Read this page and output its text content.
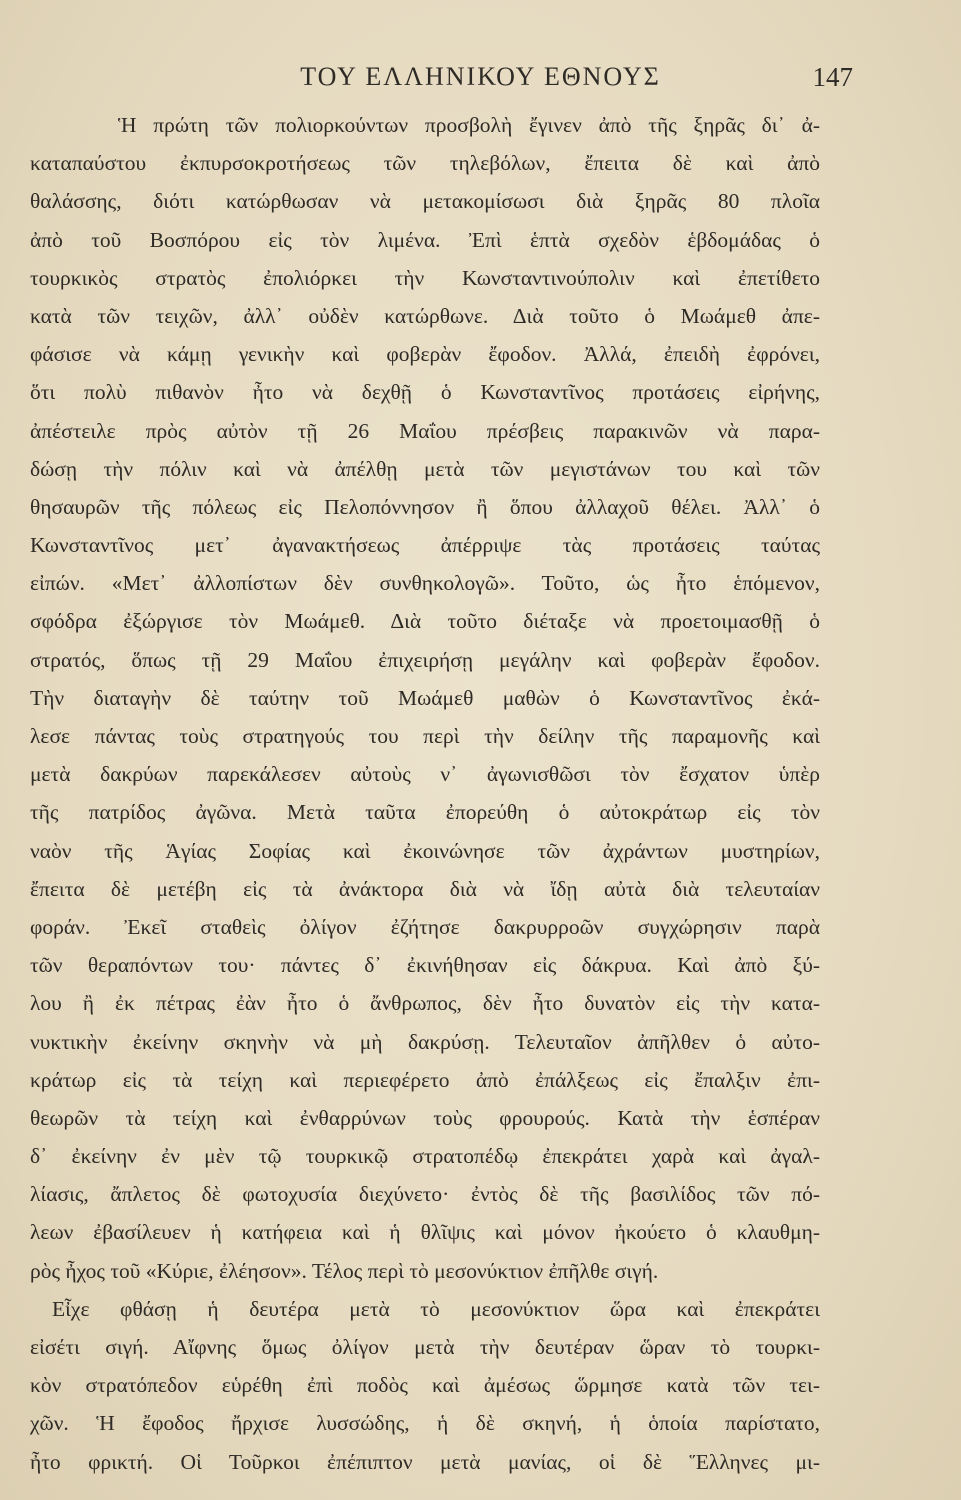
ΤΟΥ ΕΛΛΗΝΙΚΟΥ ΕΘΝΟΥΣ	147
Ἡ πρώτη τῶν πολιορκούντων προσβολὴ ἔγινεν ἀπὸ τῆς ξηρᾶς δι᾿ ἀ-
καταπαύστου ἐκπυρσοκροτήσεως τῶν τηλεβόλων, ἔπειτα δὲ καὶ ἀπὸ
θαλάσσης, διότι κατώρθωσαν νὰ μετακομίσωσι διὰ ξηρᾶς 80 πλοῖα
ἀπὸ τοῦ Βοσπόρου εἰς τὸν λιμένα. Ἐπὶ ἑπτὰ σχεδὸν ἑβδομάδας ὁ
τουρκικὸς στρατὸς ἐπολιόρκει τὴν Κωνσταντινούπολιν καὶ ἐπετίθετο
κατὰ τῶν τειχῶν, ἀλλ᾿ οὐδὲν κατώρθωνε. Διὰ τοῦτο ὁ Μωάμεθ ἀπε-
φάσισε νὰ κάμῃ γενικὴν καὶ φοβερὰν ἔφοδον. Ἀλλά, ἐπειδὴ ἐφρόνει,
ὅτι πολὺ πιθανὸν ἦτο νὰ δεχθῇ ὁ Κωνσταντῖνος προτάσεις εἰρήνης,
ἀπέστειλε πρὸς αὐτὸν τῇ 26 Μαΐου πρέσβεις παρακινῶν νὰ παρα-
δώσῃ τὴν πόλιν καὶ νὰ ἀπέλθῃ μετὰ τῶν μεγιστάνων του καὶ τῶν
θησαυρῶν τῆς πόλεως εἰς Πελοπόννησον ἢ ὅπου ἀλλαχοῦ θέλει. Ἀλλ᾿ ὁ
Κωνσταντῖνος μετ᾿ ἀγανακτήσεως ἀπέρριψε τὰς προτάσεις ταύτας
εἰπών. «Μετ᾿ ἀλλοπίστων δὲν συνθηκολογῶ». Τοῦτο, ὡς ἦτο ἑπόμενον,
σφόδρα ἐξώργισε τὸν Μωάμεθ. Διὰ τοῦτο διέταξε νὰ προετοιμασθῇ ὁ
στρατός, ὅπως τῇ 29 Μαΐου ἐπιχειρήσῃ μεγάλην καὶ φοβερὰν ἔφοδον.
Τὴν διαταγὴν δὲ ταύτην τοῦ Μωάμεθ μαθὼν ὁ Κωνσταντῖνος ἐκά-
λεσε πάντας τοὺς στρατηγούς του περὶ τὴν δείλην τῆς παραμονῆς καὶ
μετὰ δακρύων παρεκάλεσεν αὐτοὺς ν᾿ ἀγωνισθῶσι τὸν ἔσχατον ὑπὲρ
τῆς πατρίδος ἀγῶνα. Μετὰ ταῦτα ἐπορεύθη ὁ αὐτοκράτωρ εἰς τὸν
ναὸν τῆς Ἁγίας Σοφίας καὶ ἐκοινώνησε τῶν ἀχράντων μυστηρίων,
ἔπειτα δὲ μετέβη εἰς τὰ ἀνάκτορα διὰ νὰ ἴδῃ αὐτὰ διὰ τελευταίαν
φοράν. Ἐκεῖ σταθεὶς ὀλίγον ἐζήτησε δακρυρροῶν συγχώρησιν παρὰ
τῶν θεραπόντων του· πάντες δ᾿ ἐκινήθησαν εἰς δάκρυα. Καὶ ἀπὸ ξύ-
λου ἢ ἐκ πέτρας ἐὰν ἦτο ὁ ἄνθρωπος, δὲν ἦτο δυνατὸν εἰς τὴν κατα-
νυκτικὴν ἐκείνην σκηνὴν νὰ μὴ δακρύσῃ. Τελευταῖον ἀπῆλθεν ὁ αὐτο-
κράτωρ εἰς τὰ τείχη καὶ περιεφέρετο ἀπὸ ἐπάλξεως εἰς ἔπαλξιν ἐπι-
θεωρῶν τὰ τείχη καὶ ἐνθαρρύνων τοὺς φρουρούς. Κατὰ τὴν ἑσπέραν
δ᾿ ἐκείνην ἐν μὲν τῷ τουρκικῷ στρατοπέδῳ ἐπεκράτει χαρὰ καὶ ἀγαλ-
λίασις, ἄπλετος δὲ φωτοχυσία διεχύνετο· ἐντὸς δὲ τῆς βασιλίδος τῶν πό-
λεων ἐβασίλευεν ἡ κατήφεια καὶ ἡ θλῖψις καὶ μόνον ἠκούετο ὁ κλαυθμη-
ρὸς ἦχος τοῦ «Κύριε, ἐλέησον». Τέλος περὶ τὸ μεσονύκτιον ἐπῆλθε σιγή.
Εἶχε φθάσῃ ἡ δευτέρα μετὰ τὸ μεσονύκτιον ὥρα καὶ ἐπεκράτει
εἰσέτι σιγή. Αἴφνης ὅμως ὀλίγον μετὰ τὴν δευτέραν ὥραν τὸ τουρκι-
κὸν στρατόπεδον εὑρέθη ἐπὶ ποδὸς καὶ ἀμέσως ὥρμησε κατὰ τῶν τει-
χῶν. Ἡ ἔφοδος ἤρχισε λυσσώδης, ἡ δὲ σκηνή, ἡ ὁποία παρίστατο,
ἦτο φρικτή. Οἱ Τοῦρκοι ἐπέπιπτον μετὰ μανίας, οἱ δὲ Ἕλληνες μι-
